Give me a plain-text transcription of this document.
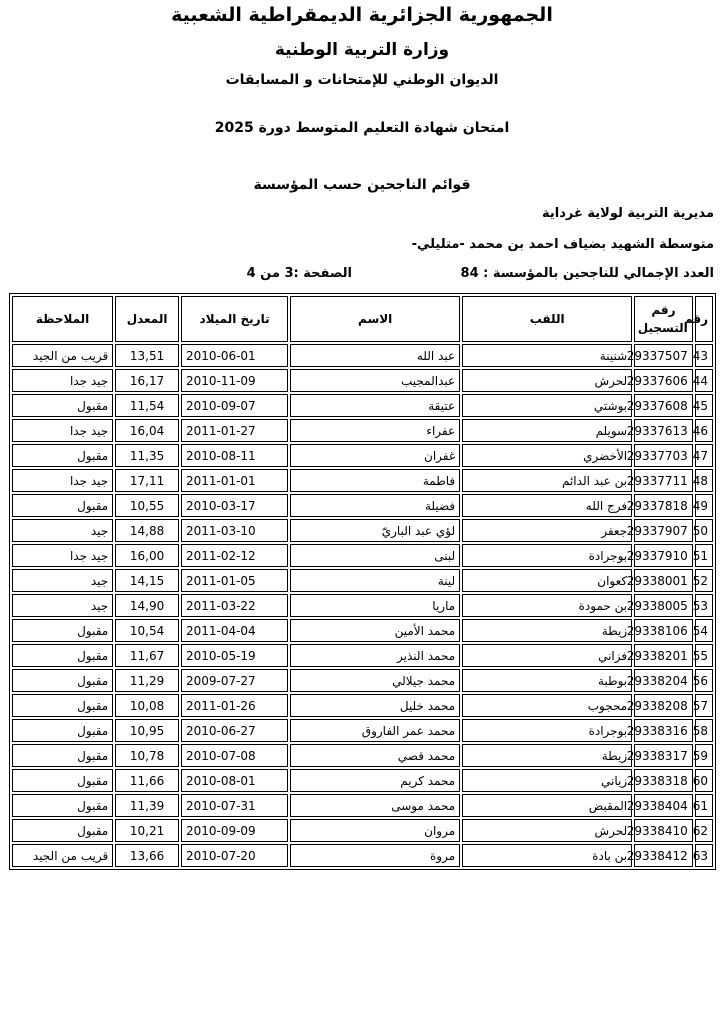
الجمهورية الجزائرية الديمقراطية الشعبية
وزارة التربية الوطنية
الديوان الوطني للإمتحانات و المسابقات
امتحان شهادة التعليم المتوسط دورة 2025
قوائم الناجحين حسب المؤسسة
مديرية التربية لولاية غرداية
متوسطة الشهيد بضياف احمد بن محمد -متليلي-
العدد الإجمالي للناجحين بالمؤسسة : 84
الصفحة :3 من 4
رقم	رقم التسجيل	اللقب	الاسم	تاريخ الميلاد	المعدل	الملاحظة
43	29337507	شنينة	عبد الله	2010-06-01	13,51	قريب من الجيد
44	29337606	لحرش	عبدالمجيب	2010-11-09	16,17	جيد جدا
45	29337608	بوشتي	عتيقة	2010-09-07	11,54	مقبول
46	29337613	سويلم	عفراء	2011-01-27	16,04	جيد جدا
47	29337703	الأخضري	غفران	2010-08-11	11,35	مقبول
48	29337711	بن عبد الدائم	فاطمة	2011-01-01	17,11	جيد جدا
49	29337818	فرج الله	فضيلة	2010-03-17	10,55	مقبول
50	29337907	جعفر	لؤي عبد الباريّ	2011-03-10	14,88	جيد
51	29337910	بوجرادة	لبنى	2011-02-12	16,00	جيد جدا
52	29338001	كعوان	لينة	2011-01-05	14,15	جيد
53	29338005	بن حمودة	ماريا	2011-03-22	14,90	جيد
54	29338106	زيطة	محمد الأمين	2011-04-04	10,54	مقبول
55	29338201	فزاني	محمد النذير	2010-05-19	11,67	مقبول
56	29338204	بوطبة	محمد جيلالي	2009-07-27	11,29	مقبول
57	29338208	محجوب	محمد خليل	2011-01-26	10,08	مقبول
58	29338316	بوجرادة	محمد عمر الفاروق	2010-06-27	10,95	مقبول
59	29338317	زيطة	محمد قصي	2010-07-08	10,78	مقبول
60	29338318	زياني	محمد كريم	2010-08-01	11,66	مقبول
61	29338404	المقبض	محمد موسى	2010-07-31	11,39	مقبول
62	29338410	لحرش	مروان	2010-09-09	10,21	مقبول
63	29338412	بن بادة	مروة	2010-07-20	13,66	قريب من الجيد
